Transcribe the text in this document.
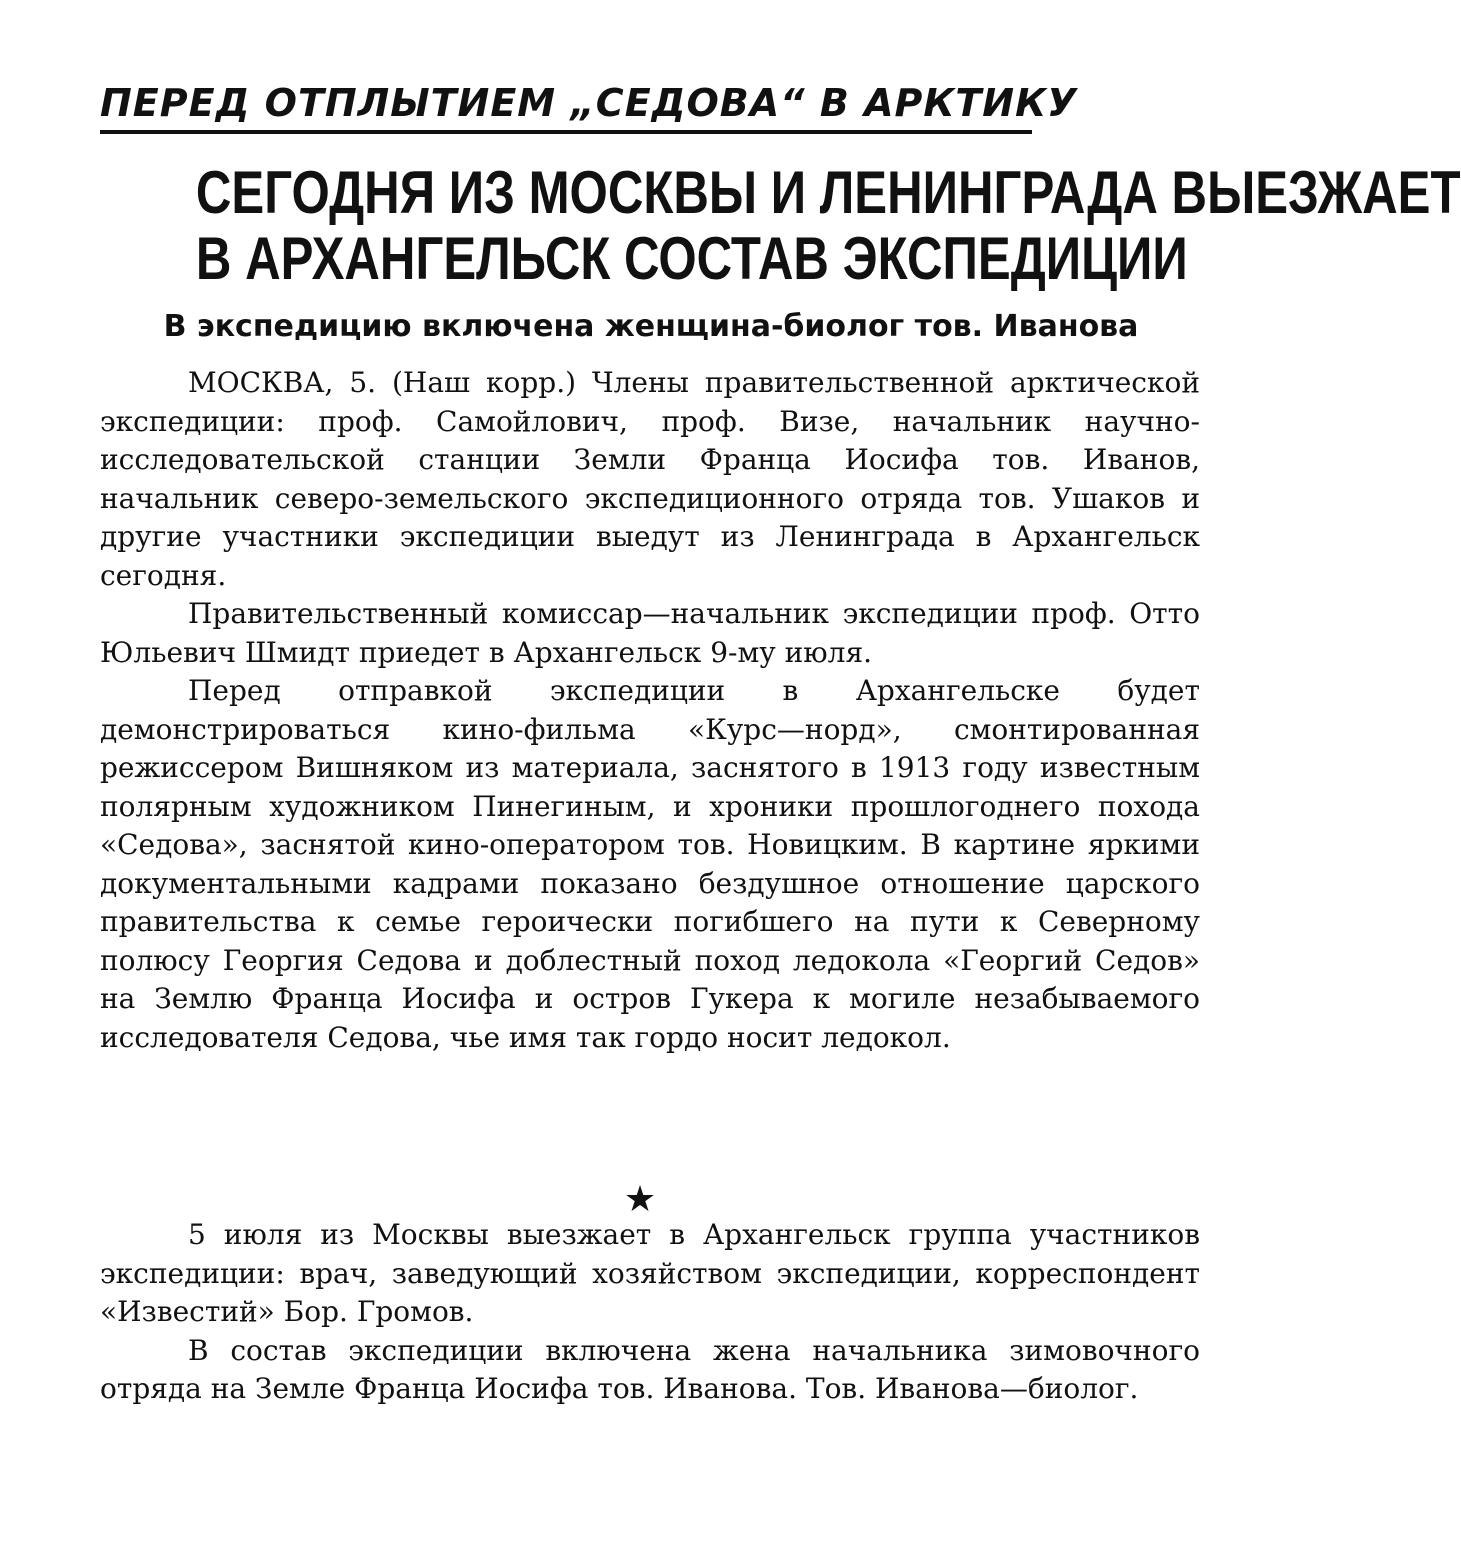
ПЕРЕД ОТПЛЫТИЕМ „СЕДОВА“ В АРКТИКУ
СЕГОДНЯ ИЗ МОСКВЫ И ЛЕНИНГРАДА ВЫЕЗЖАЕТ
В АРХАНГЕЛЬСК СОСТАВ ЭКСПЕДИЦИИ
В экспедицию включена женщина-биолог тов. Иванова

МОСКВА, 5. (Наш корр.) Члены правительственной арктической экспедиции: проф. Самойлович, проф. Визе, начальник научно-исследовательской станции Земли Франца Иосифа тов. Иванов, начальник северо-земельского экспедиционного отряда тов. Ушаков и другие участники экспедиции выедут из Ленинграда в Архангельск сегодня.

Правительственный комиссар—начальник экспедиции проф. Отто Юльевич Шмидт приедет в Архангельск 9-му июля.

Перед отправкой экспедиции в Архангельске будет демонстрироваться кино-фильма «Курс—норд», смонтированная режиссером Вишняком из материала, заснятого в 1913 году известным полярным художником Пинегиным, и хроники прошлогоднего похода «Седова», заснятой кино-оператором тов. Новицким. В картине яркими документальными кадрами показано бездушное отношение царского правительства к семье героически погибшего на пути к Северному полюсу Георгия Седова и доблестный поход ледокола «Георгий Седов» на Землю Франца Иосифа и остров Гукера к могиле незабываемого исследователя Седова, чье имя так гордо носит ледокол.

★

5 июля из Москвы выезжает в Архангельск группа участников экспедиции: врач, заведующий хозяйством экспедиции, корреспондент «Известий» Бор. Громов.

В состав экспедиции включена жена начальника зимовочного отряда на Земле Франца Иосифа тов. Иванова. Тов. Иванова—биолог.
